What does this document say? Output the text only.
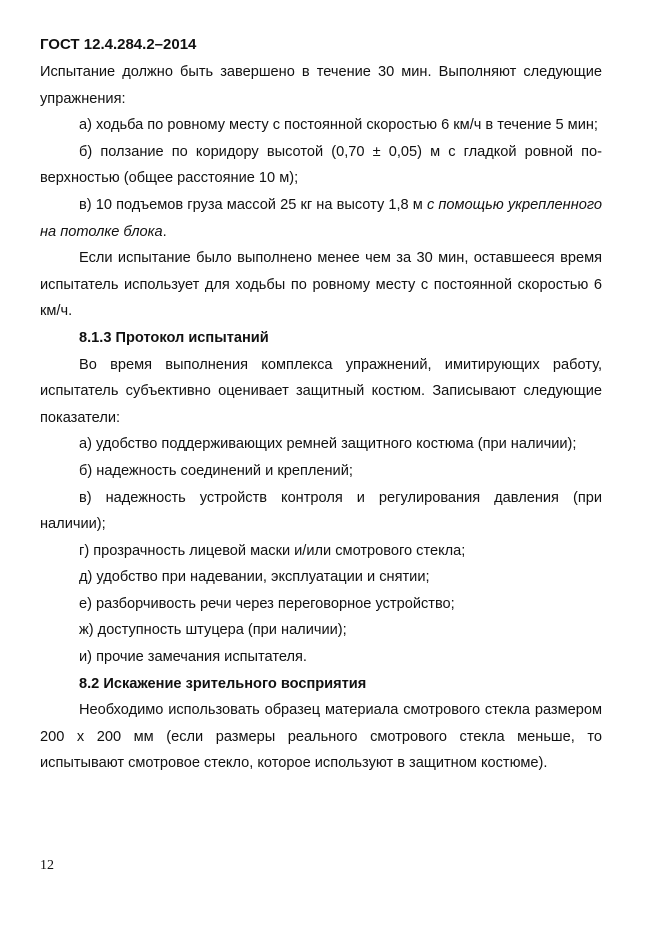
ГОСТ 12.4.284.2–2014

Испытание должно быть завершено в течение 30 мин. Выполняют следующие упражнения:

а) ходьба по ровному месту с постоянной скоростью 6 км/ч в течение 5 мин;

б) ползание по коридору высотой (0,70 ± 0,05) м с гладкой ровной поверхностью (общее расстояние 10 м);

в) 10 подъемов груза массой 25 кг на высоту 1,8 м с помощью укрепленного на потолке блока.

Если испытание было выполнено менее чем за 30 мин, оставшееся время испытатель использует для ходьбы по ровному месту с постоянной скоростью 6 км/ч.

8.1.3 Протокол испытаний

Во время выполнения комплекса упражнений, имитирующих работу, испытатель субъективно оценивает защитный костюм. Записывают следующие показатели:

а) удобство поддерживающих ремней защитного костюма (при наличии);

б) надежность соединений и креплений;

в) надежность устройств контроля и регулирования давления (при наличии);

г) прозрачность лицевой маски и/или смотрового стекла;

д) удобство при надевании, эксплуатации и снятии;

е) разборчивость речи через переговорное устройство;

ж) доступность штуцера (при наличии);

и) прочие замечания испытателя.

8.2 Искажение зрительного восприятия

Необходимо использовать образец материала смотрового стекла размером 200 х 200 мм (если размеры реального смотрового стекла меньше, то испытывают смотровое стекло, которое используют в защитном костюме).

12
